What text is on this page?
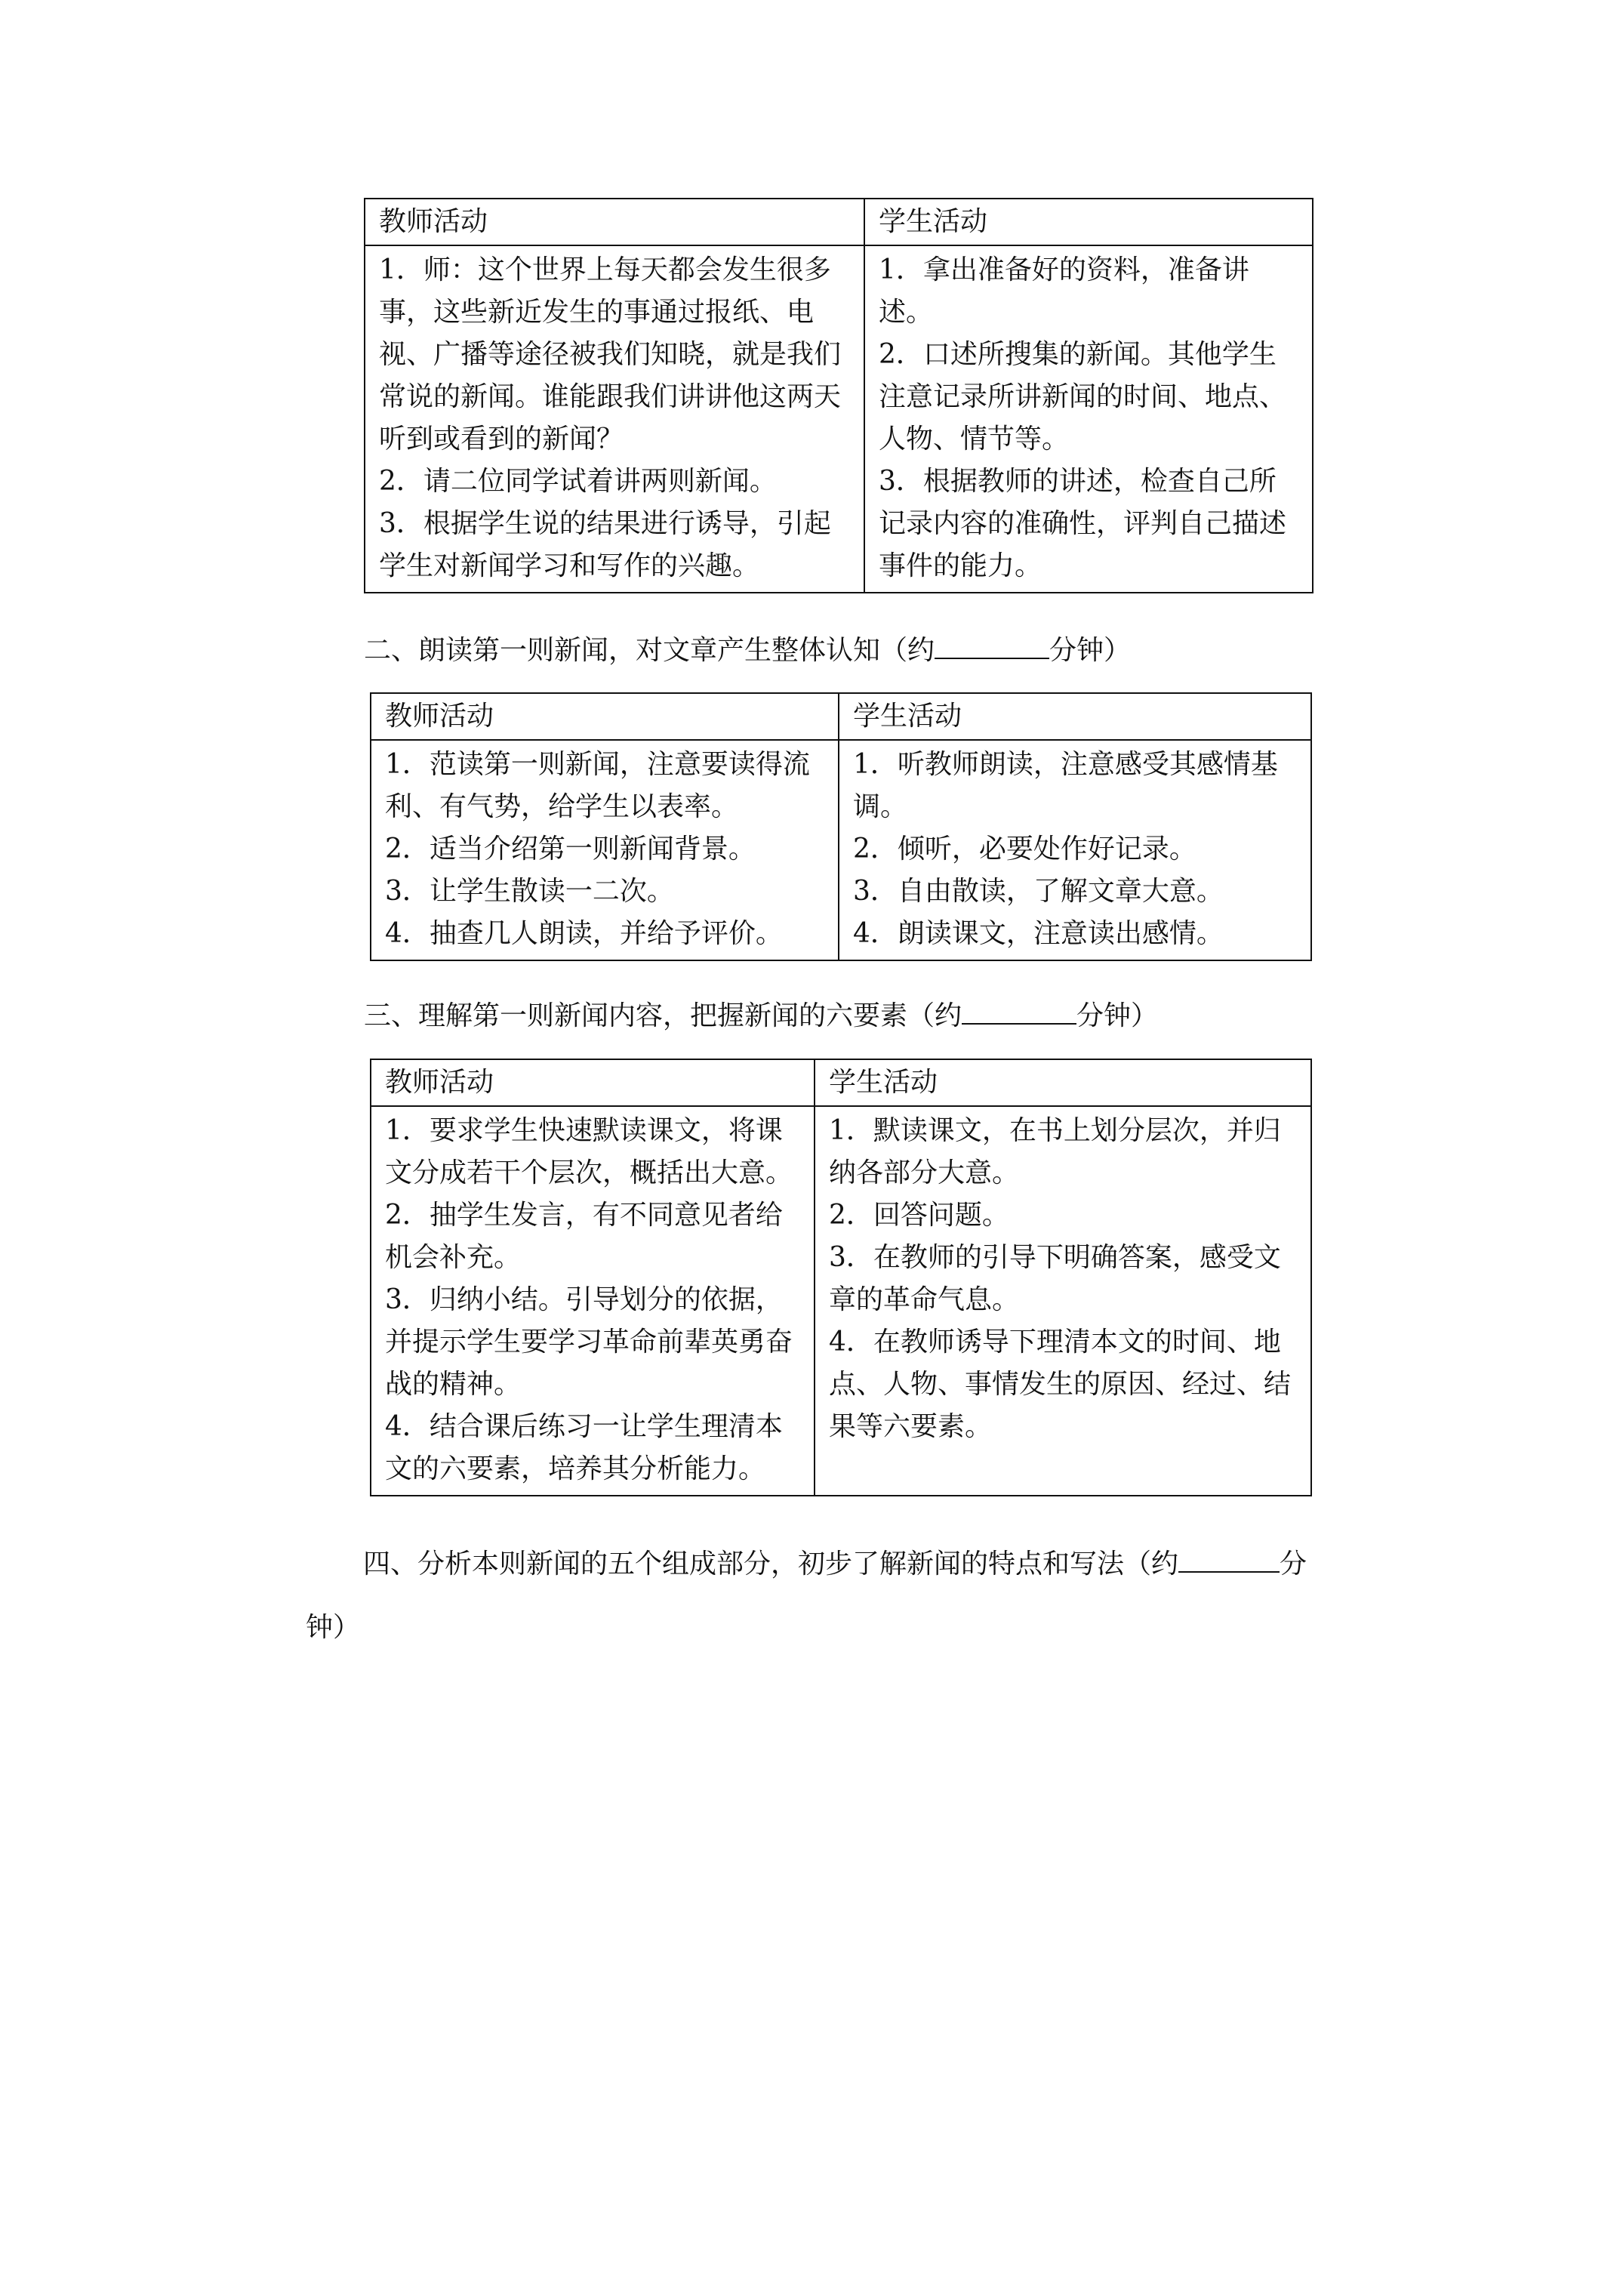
教师活动	学生活动

1．师：这个世界上每天都会发生很多事，这些新近发生的事通过报纸、电视、广播等途径被我们知晓，就是我们常说的新闻。谁能跟我们讲讲他这两天听到或看到的新闻？
2．请二位同学试着讲两则新闻。
3．根据学生说的结果进行诱导，引起学生对新闻学习和写作的兴趣。	1．拿出准备好的资料，准备讲述。
2．口述所搜集的新闻。其他学生注意记录所讲新闻的时间、地点、人物、情节等。
3．根据教师的讲述，检查自己所记录内容的准确性，评判自己描述事件的能力。
二、朗读第一则新闻，对文章产生整体认知（约	分钟）
教师活动	学生活动

1．范读第一则新闻，注意要读得流利、有气势，给学生以表率。
2．适当介绍第一则新闻背景。
3．让学生散读一二次。
4．抽查几人朗读，并给予评价。	1．听教师朗读，注意感受其感情基调。
2．倾听，必要处作好记录。
3．自由散读，了解文章大意。
4．朗读课文，注意读出感情。
三、理解第一则新闻内容，把握新闻的六要素（约	分钟）
教师活动	学生活动

1．要求学生快速默读课文，将课文分成若干个层次，概括出大意。
2．抽学生发言，有不同意见者给机会补充。
3．归纳小结。引导划分的依据，并提示学生要学习革命前辈英勇奋战的精神。
4．结合课后练习一让学生理清本文的六要素，培养其分析能力。	1．默读课文，在书上划分层次，并归纳各部分大意。
2．回答问题。
3．在教师的引导下明确答案，感受文章的革命气息。
4．在教师诱导下理清本文的时间、地点、人物、事情发生的原因、经过、结果等六要素。
四、分析本则新闻的五个组成部分，初步了解新闻的特点和写法（约	分钟）
